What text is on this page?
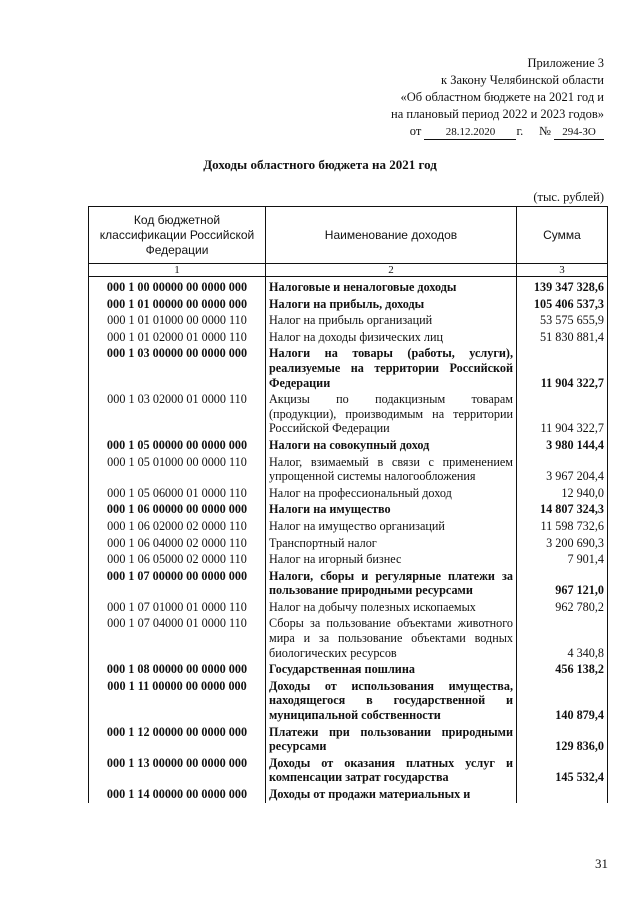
Приложение 3
к Закону Челябинской области
«Об областном бюджете на 2021 год и
на плановый период 2022 и 2023 годов»
от 28.12.2020 г. № 294-ЗО
Доходы областного бюджета на 2021 год
(тыс. рублей)
Код бюджетной классификации Российской Федерации	Наименование доходов	Сумма
1	2	3
000 1 00 00000 00 0000 000	Налоговые и неналоговые доходы	139 347 328,6
000 1 01 00000 00 0000 000	Налоги на прибыль, доходы	105 406 537,3
000 1 01 01000 00 0000 110	Налог на прибыль организаций	53 575 655,9
000 1 01 02000 01 0000 110	Налог на доходы физических лиц	51 830 881,4
000 1 03 00000 00 0000 000	Налоги на товары (работы, услуги), реализуемые на территории Российской Федерации	11 904 322,7
000 1 03 02000 01 0000 110	Акцизы по подакцизным товарам (продукции), производимым на территории Российской Федерации	11 904 322,7
000 1 05 00000 00 0000 000	Налоги на совокупный доход	3 980 144,4
000 1 05 01000 00 0000 110	Налог, взимаемый в связи с применением упрощенной системы налогообложения	3 967 204,4
000 1 05 06000 01 0000 110	Налог на профессиональный доход	12 940,0
000 1 06 00000 00 0000 000	Налоги на имущество	14 807 324,3
000 1 06 02000 02 0000 110	Налог на имущество организаций	11 598 732,6
000 1 06 04000 02 0000 110	Транспортный налог	3 200 690,3
000 1 06 05000 02 0000 110	Налог на игорный бизнес	7 901,4
000 1 07 00000 00 0000 000	Налоги, сборы и регулярные платежи за пользование природными ресурсами	967 121,0
000 1 07 01000 01 0000 110	Налог на добычу полезных ископаемых	962 780,2
000 1 07 04000 01 0000 110	Сборы за пользование объектами животного мира и за пользование объектами водных биологических ресурсов	4 340,8
000 1 08 00000 00 0000 000	Государственная пошлина	456 138,2
000 1 11 00000 00 0000 000	Доходы от использования имущества, находящегося в государственной и муниципальной собственности	140 879,4
000 1 12 00000 00 0000 000	Платежи при пользовании природными ресурсами	129 836,0
000 1 13 00000 00 0000 000	Доходы от оказания платных услуг и компенсации затрат государства	145 532,4
000 1 14 00000 00 0000 000	Доходы от продажи материальных и	
31
